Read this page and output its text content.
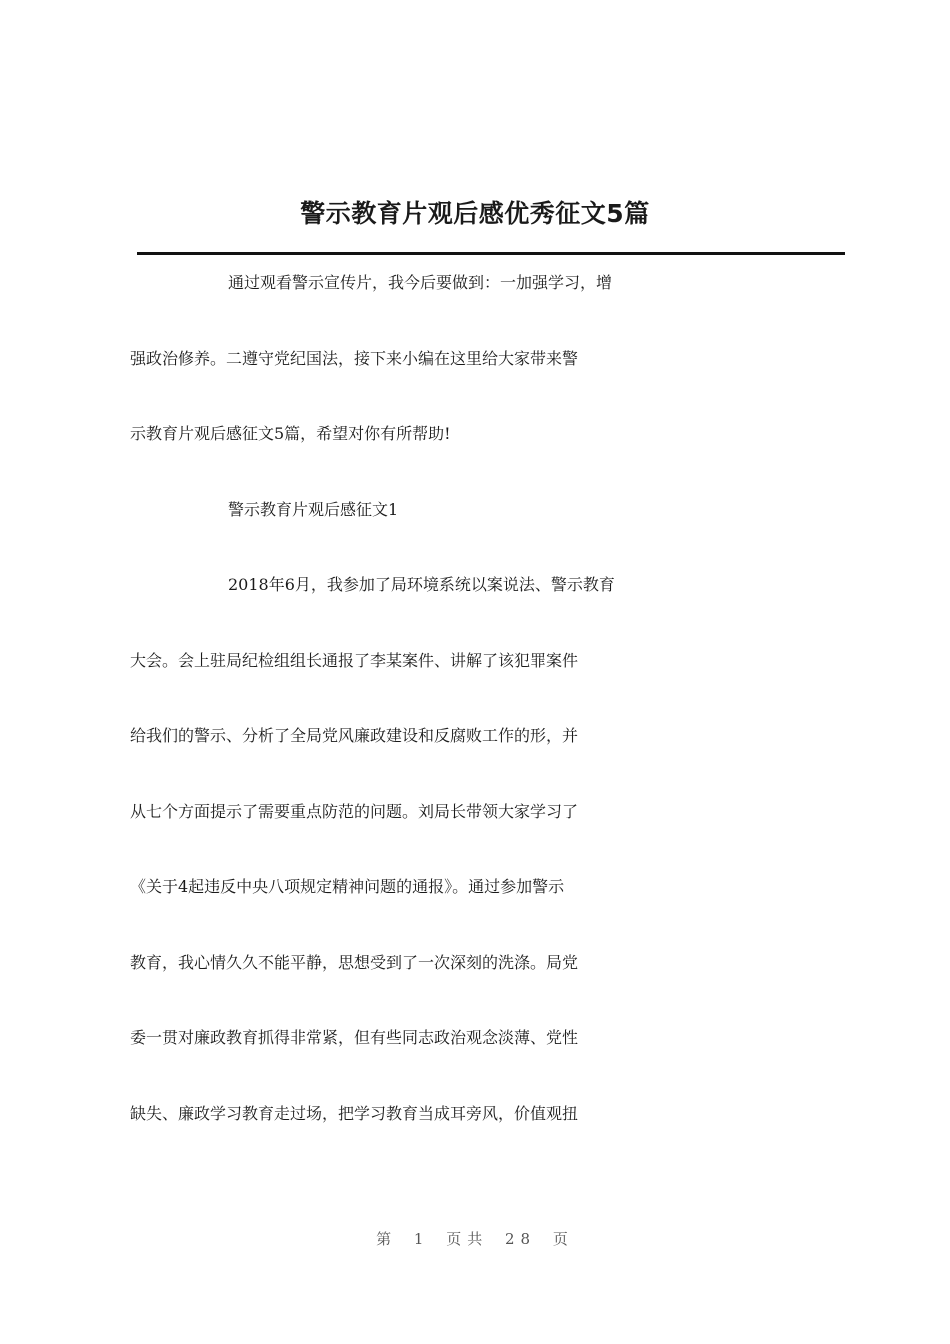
警示教育片观后感优秀征文5篇
通过观看警示宣传片，我今后要做到：一加强学习，增
强政治修养。二遵守党纪国法，接下来小编在这里给大家带来警
示教育片观后感征文5篇，希望对你有所帮助!
警示教育片观后感征文1
2018年6月，我参加了局环境系统以案说法、警示教育
大会。会上驻局纪检组组长通报了李某案件、讲解了该犯罪案件
给我们的警示、分析了全局党风廉政建设和反腐败工作的形，并
从七个方面提示了需要重点防范的问题。刘局长带领大家学习了
《关于4起违反中央八项规定精神问题的通报》。通过参加警示
教育，我心情久久不能平静，思想受到了一次深刻的洗涤。局党
委一贯对廉政教育抓得非常紧，但有些同志政治观念淡薄、党性
缺失、廉政学习教育走过场，把学习教育当成耳旁风，价值观扭
第 1 页共 28 页
